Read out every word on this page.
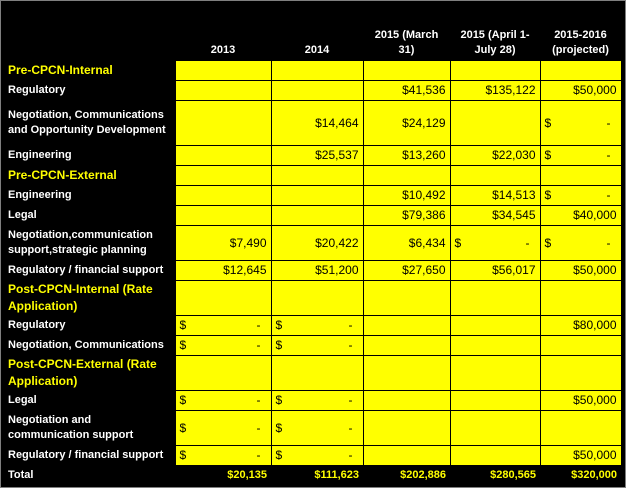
	2013	2014	2015 (March 31)	2015 (April 1- July 28)	2015-2016 (projected)
Pre-CPCN-Internal					
Regulatory			$41,536	$135,122	$50,000
Negotiation, Communications and Opportunity Development		$14,464	$24,129		$ -

Engineering		$25,537	$13,260	$22,030	$ -

Pre-CPCN-External					
Engineering			$10,492	$14,513	$ -

Legal			$79,386	$34,545	$40,000
Negotiation,communication support,strategic planning	$7,490	$20,422	$6,434	$ -	$ -

Regulatory / financial support	$12,645	$51,200	$27,650	$56,017	$50,000
Post-CPCN-Internal (Rate Application)					
Regulatory	$ -	$ -			$80,000
Negotiation, Communications	$ -	$ -			

Post-CPCN-External (Rate Application)					
Legal	$ -	$ -			$50,000
Negotiation and communication support	$ -	$ -			

Regulatory / financial support	$ -	$ -			$50,000
Total	$20,135	$111,623	$202,886	$280,565	$320,000
